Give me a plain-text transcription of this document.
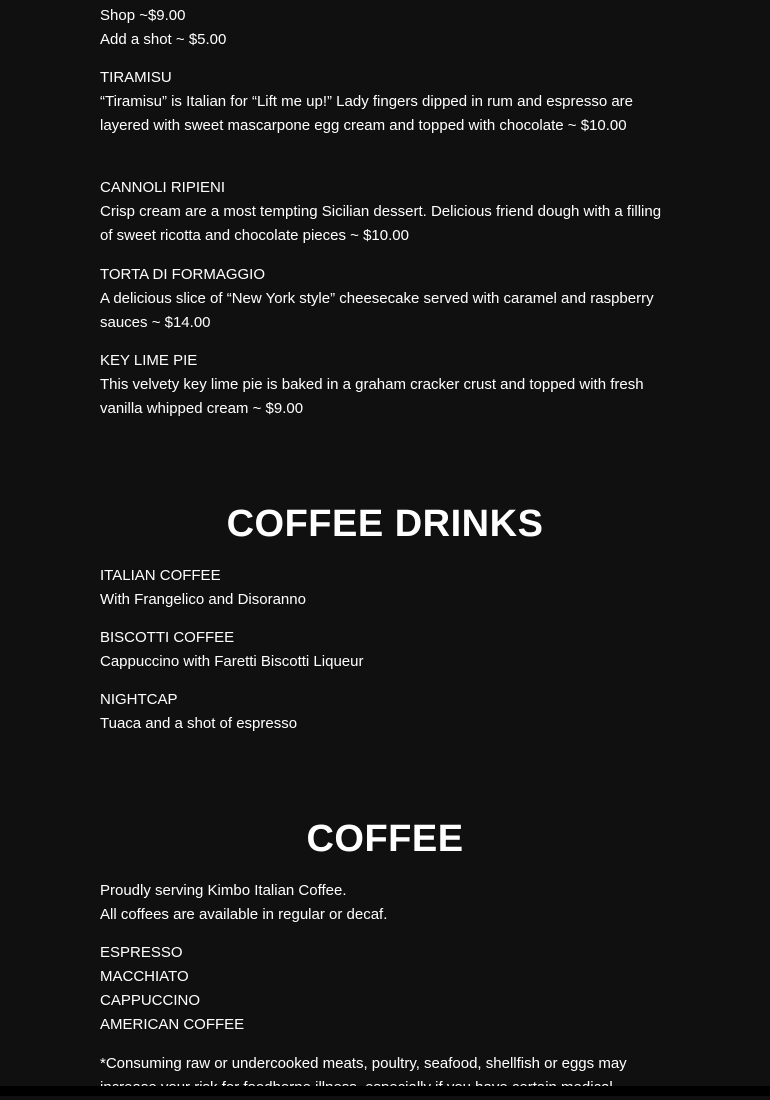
Shop ~$9.00

Add a shot ~ $5.00

TIRAMISU

“Tiramisu” is Italian for “Lift me up!” Lady fingers dipped in rum and espresso are layered with sweet mascarpone egg cream and topped with chocolate ~ $10.00

CANNOLI RIPIENI

Crisp cream are a most tempting Sicilian dessert. Delicious friend dough with a filling of sweet ricotta and chocolate pieces ~ $10.00

TORTA DI FORMAGGIO

A delicious slice of “New York style” cheesecake served with caramel and raspberry sauces ~ $14.00

KEY LIME PIE

This velvety key lime pie is baked in a graham cracker crust and topped with fresh vanilla whipped cream ~ $9.00

COFFEE DRINKS

ITALIAN COFFEE

With Frangelico and Disoranno

BISCOTTI COFFEE

Cappuccino with Faretti Biscotti Liqueur

NIGHTCAP

Tuaca and a shot of espresso

COFFEE

Proudly serving Kimbo Italian Coffee.

All coffees are available in regular or decaf.

ESPRESSO

MACCHIATO

CAPPUCCINO

AMERICAN COFFEE

*Consuming raw or undercooked meats, poultry, seafood, shellfish or eggs may
